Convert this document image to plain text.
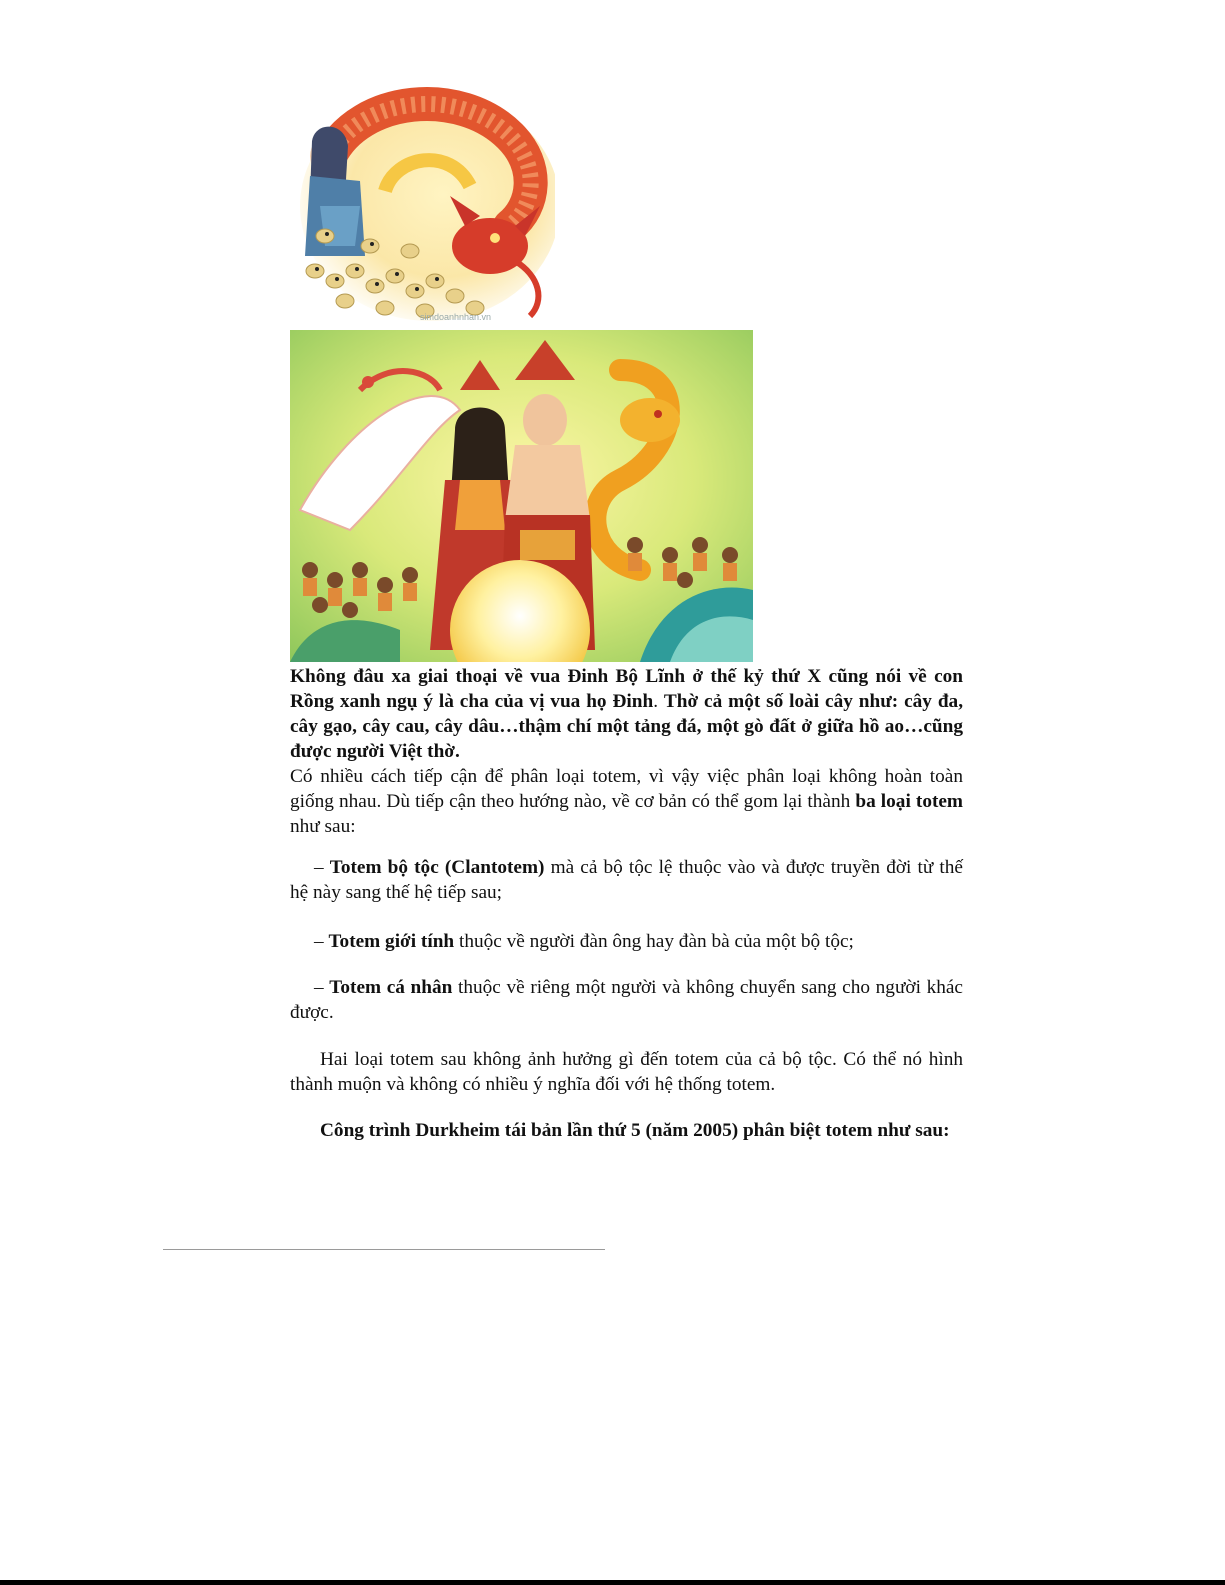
simdoanhnhan.vn

Không đâu xa giai thoại về vua Đinh Bộ Lĩnh ở thế kỷ thứ X cũng nói về con Rồng xanh ngụ ý là cha của vị vua họ Đinh. Thờ cả một số loài cây như: cây đa, cây gạo, cây cau, cây dâu…thậm chí một tảng đá, một gò đất ở giữa hồ ao…cũng được người Việt thờ.

Có nhiều cách tiếp cận để phân loại totem, vì vậy việc phân loại không hoàn toàn giống nhau. Dù tiếp cận theo hướng nào, về cơ bản có thể gom lại thành ba loại totem như sau:

– Totem bộ tộc (Clantotem) mà cả bộ tộc lệ thuộc vào và được truyền đời từ thế hệ này sang thế hệ tiếp sau;

– Totem giới tính thuộc về người đàn ông hay đàn bà của một bộ tộc;

– Totem cá nhân thuộc về riêng một người và không chuyển sang cho người khác được.

Hai loại totem sau không ảnh hưởng gì đến totem của cả bộ tộc. Có thể nó hình thành muộn và không có nhiều ý nghĩa đối với hệ thống totem.

Công trình Durkheim tái bản lần thứ 5 (năm 2005) phân biệt totem như sau:
